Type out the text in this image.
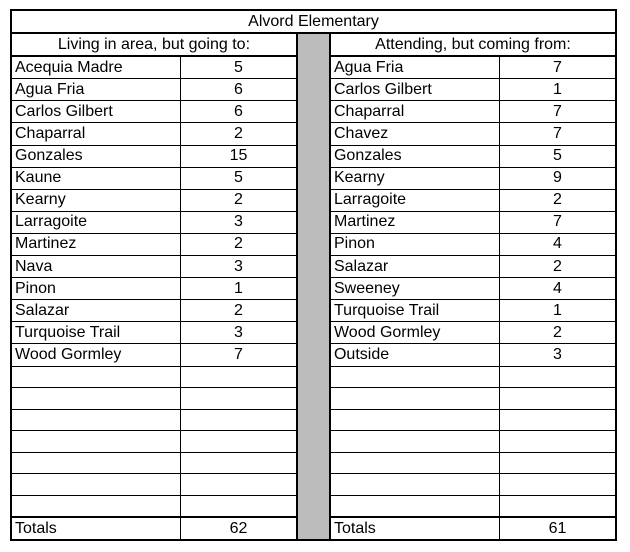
Alvord Elementary				
Living in area, but going to:			Attending, but coming from:	
Acequia Madre	5		Agua Fria	7
Agua Fria	6		Carlos Gilbert	1
Carlos Gilbert	6		Chaparral	7
Chaparral	2		Chavez	7
Gonzales	15		Gonzales	5
Kaune	5		Kearny	9
Kearny	2		Larragoite	2
Larragoite	3		Martinez	7
Martinez	2		Pinon	4
Nava	3		Salazar	2
Pinon	1		Sweeney	4
Salazar	2		Turquoise Trail	1
Turquoise Trail	3		Wood Gormley	2
Wood Gormley	7		Outside	3

Totals	62		Totals	61
